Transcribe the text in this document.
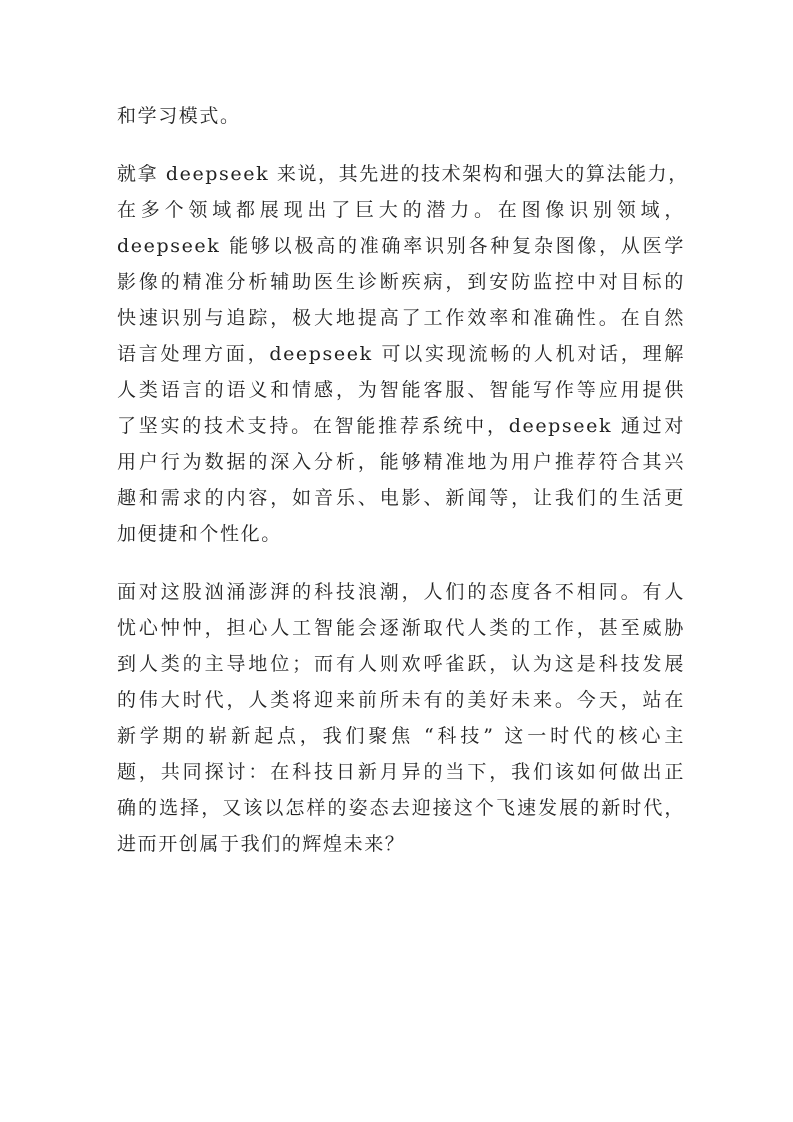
和学习模式。
就拿 deepseek 来说，其先进的技术架构和强大的算法能力，
在多个领域都展现出了巨大的潜力。在图像识别领域，
deepseek 能够以极高的准确率识别各种复杂图像，从医学
影像的精准分析辅助医生诊断疾病，到安防监控中对目标的
快速识别与追踪，极大地提高了工作效率和准确性。在自然
语言处理方面，deepseek 可以实现流畅的人机对话，理解
人类语言的语义和情感，为智能客服、智能写作等应用提供
了坚实的技术支持。在智能推荐系统中，deepseek 通过对
用户行为数据的深入分析，能够精准地为用户推荐符合其兴
趣和需求的内容，如音乐、电影、新闻等，让我们的生活更
加便捷和个性化。
面对这股汹涌澎湃的科技浪潮，人们的态度各不相同。有人
忧心忡忡，担心人工智能会逐渐取代人类的工作，甚至威胁
到人类的主导地位；而有人则欢呼雀跃，认为这是科技发展
的伟大时代，人类将迎来前所未有的美好未来。今天，站在
新学期的崭新起点，我们聚焦 “科技” 这一时代的核心主
题，共同探讨：在科技日新月异的当下，我们该如何做出正
确的选择，又该以怎样的姿态去迎接这个飞速发展的新时代，
进而开创属于我们的辉煌未来？
